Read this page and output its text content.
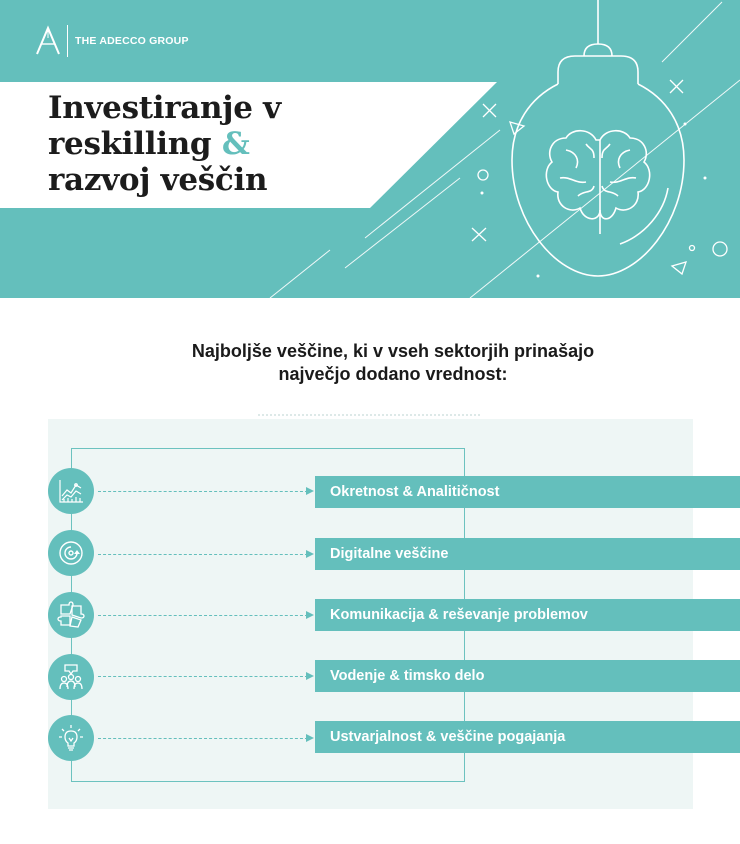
THE ADECCO GROUP
Investiranje v
reskilling &
razvoj veščin
Najboljše veščine, ki v vseh sektorjih prinašajo
največjo dodano vrednost:
Okretnost & Analitičnost
Digitalne veščine
Komunikacija & reševanje problemov
Vodenje & timsko delo
Ustvarjalnost & veščine pogajanja
